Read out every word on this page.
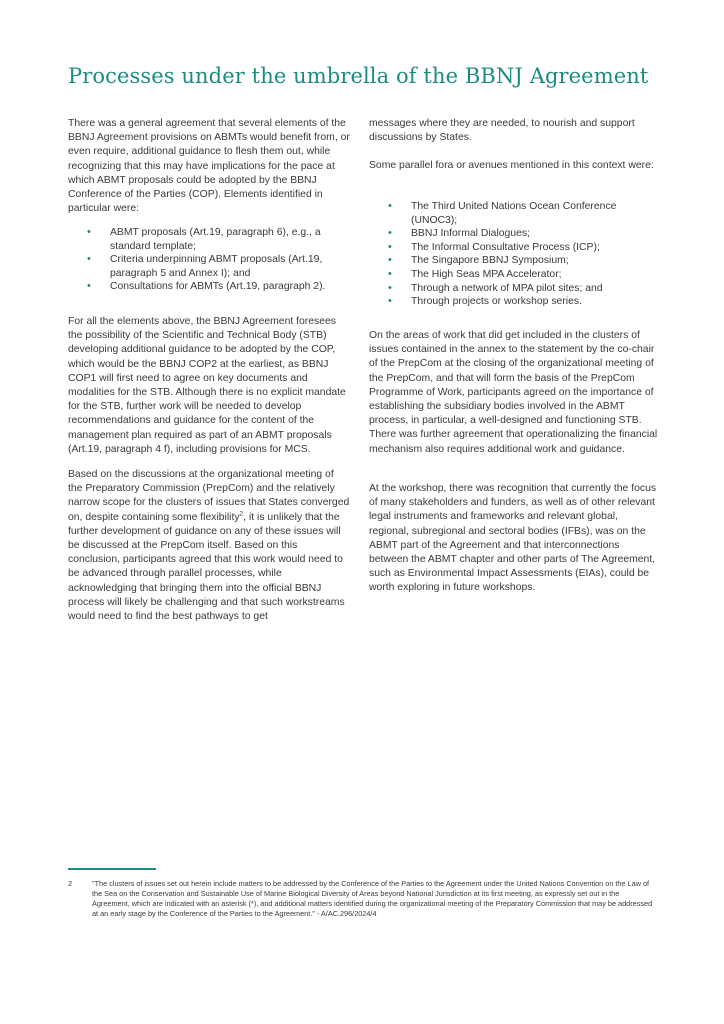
Processes under the umbrella of the BBNJ Agreement

There was a general agreement that several elements of the BBNJ Agreement provisions on ABMTs would benefit from, or even require, additional guidance to flesh them out, while recognizing that this may have implications for the pace at which ABMT proposals could be adopted by the BBNJ Conference of the Parties (COP). Elements identified in particular were:

• ABMT proposals (Art.19, paragraph 6), e.g., a standard template;
• Criteria underpinning ABMT proposals (Art.19, paragraph 5 and Annex I); and
• Consultations for ABMTs (Art.19, paragraph 2).

For all the elements above, the BBNJ Agreement foresees the possibility of the Scientific and Technical Body (STB) developing additional guidance to be adopted by the COP, which would be the BBNJ COP2 at the earliest, as BBNJ COP1 will first need to agree on key documents and modalities for the STB. Although there is no explicit mandate for the STB, further work will be needed to develop recommendations and guidance for the content of the management plan required as part of an ABMT proposals (Art.19, paragraph 4 f), including provisions for MCS.

Based on the discussions at the organizational meeting of the Preparatory Commission (PrepCom) and the relatively narrow scope for the clusters of issues that States converged on, despite containing some flexibility$^2$, it is unlikely that the further development of guidance on any of these issues will be discussed at the PrepCom itself. Based on this conclusion, participants agreed that this work would need to be advanced through parallel processes, while acknowledging that bringing them into the official BBNJ process will likely be challenging and that such workstreams would need to find the best pathways to get

messages where they are needed, to nourish and support discussions by States.

Some parallel fora or avenues mentioned in this context were:

• The Third United Nations Ocean Conference (UNOC3);
• BBNJ Informal Dialogues;
• The Informal Consultative Process (ICP);
• The Singapore BBNJ Symposium;
• The High Seas MPA Accelerator;
• Through a network of MPA pilot sites; and
• Through projects or workshop series.

On the areas of work that did get included in the clusters of issues contained in the annex to the statement by the co-chair of the PrepCom at the closing of the organizational meeting of the PrepCom, and that will form the basis of the PrepCom Programme of Work, participants agreed on the importance of establishing the subsidiary bodies involved in the ABMT process, in particular, a well-designed and functioning STB. There was further agreement that operationalizing the financial mechanism also requires additional work and guidance.

At the workshop, there was recognition that currently the focus of many stakeholders and funders, as well as of other relevant legal instruments and frameworks and relevant global, regional, subregional and sectoral bodies (IFBs), was on the ABMT part of the Agreement and that interconnections between the ABMT chapter and other parts of The Agreement, such as Environmental Impact Assessments (EIAs), could be worth exploring in future workshops.

2	"The clusters of issues set out herein include matters to be addressed by the Conference of the Parties to the Agreement under the United Nations Convention on the Law of the Sea on the Conservation and Sustainable Use of Marine Biological Diversity of Areas beyond National Jurisdiction at its first meeting, as expressly set out in the Agreement, which are indicated with an asterisk (*), and additional matters identified during the organizational meeting of the Preparatory Commission that may be addressed at an early stage by the Conference of the Parties to the Agreement." - A/AC.296/2024/4
